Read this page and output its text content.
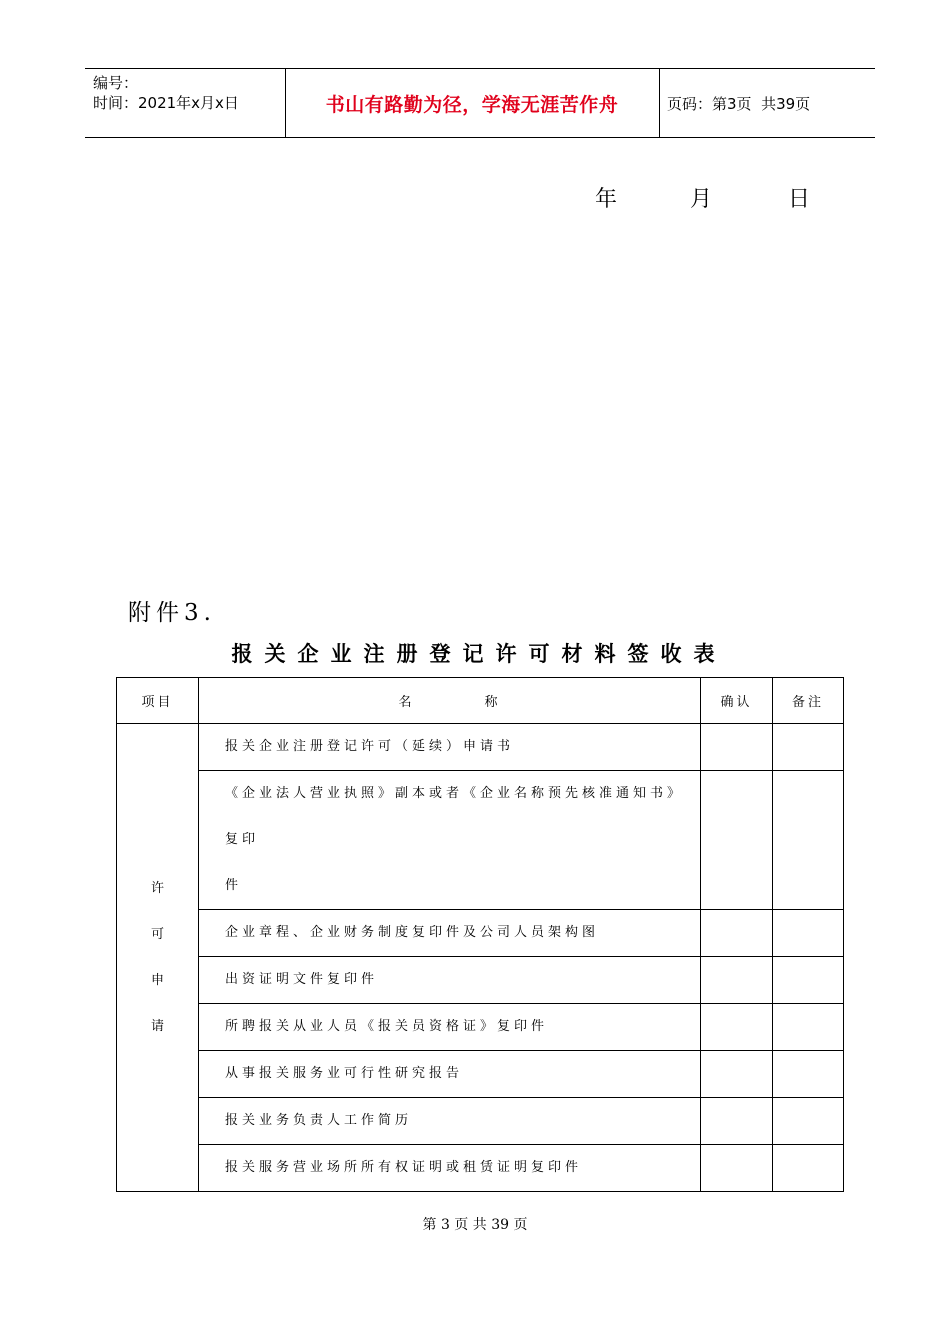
编号：
时间：2021年x月x日	书山有路勤为径，学海无涯苦作舟	页码：第3页  共39页
年	月	日
附件3.
报关企业注册登记许可材料签收表
项目	名 称	确认	备注

许
可
申
请	报关企业注册登记许可（延续）申请书		

	《企业法人营业执照》副本或者《企业名称预先核准通知书》复印
件		

	企业章程、企业财务制度复印件及公司人员架构图		
	出资证明文件复印件		
	所聘报关从业人员《报关员资格证》复印件		
	从事报关服务业可行性研究报告		
	报关业务负责人工作简历		
	报关服务营业场所所有权证明或租赁证明复印件		
第 3 页 共 39 页
